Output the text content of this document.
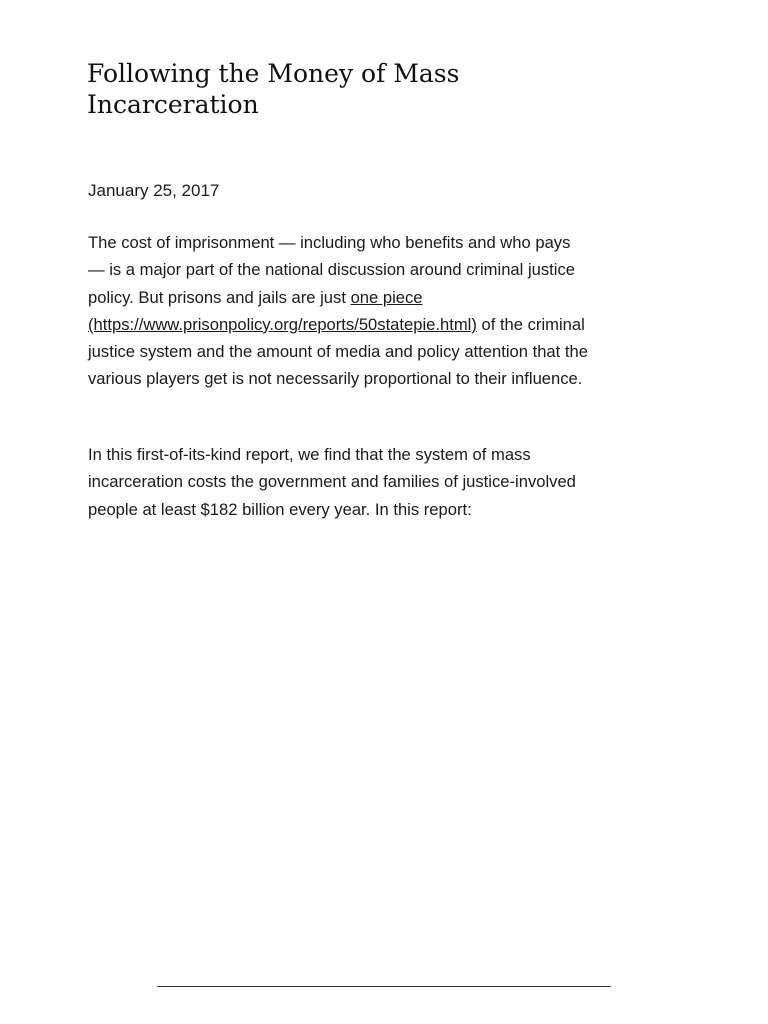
Following the Money of Mass Incarceration

January 25, 2017

The cost of imprisonment — including who benefits and who pays — is a major part of the national discussion around criminal justice policy. But prisons and jails are just one piece (https://www.prisonpolicy.org/reports/50statepie.html) of the criminal justice system and the amount of media and policy attention that the various players get is not necessarily proportional to their influence.

In this first-of-its-kind report, we find that the system of mass incarceration costs the government and families of justice-involved people at least $182 billion every year. In this report:
